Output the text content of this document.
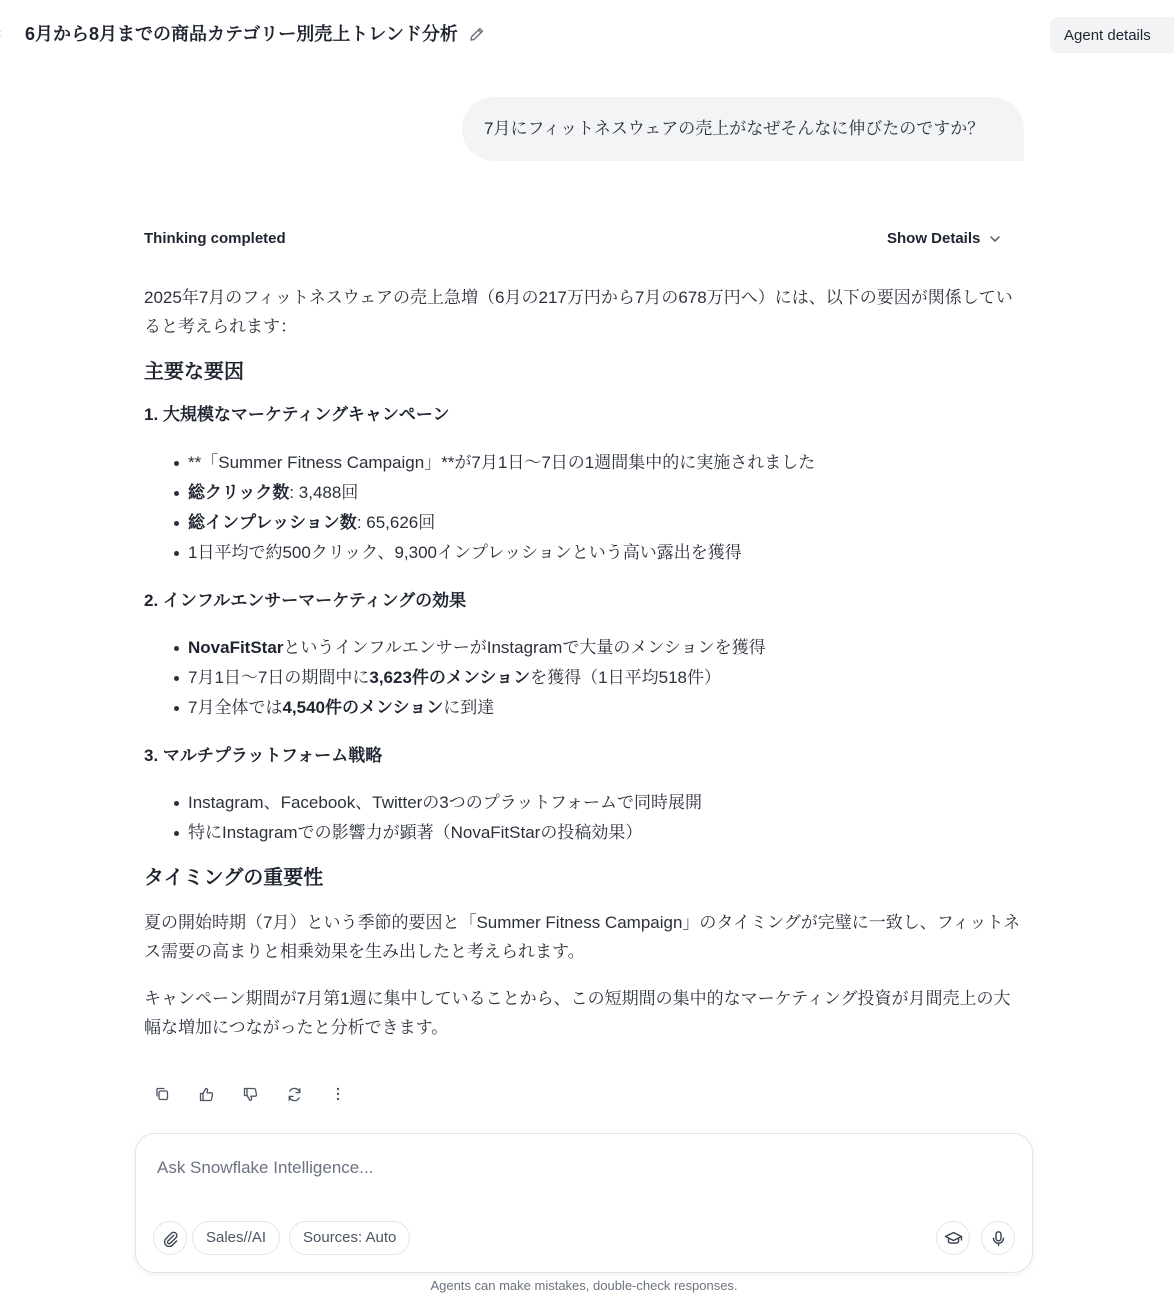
6月から8月までの商品カテゴリー別売上トレンド分析	Agent details
7月にフィットネスウェアの売上がなぜそんなに伸びたのですか？
Thinking completed	Show Details

2025年7月のフィットネスウェアの売上急増（6月の217万円から7月の678万円へ）には、以下の要因が関係していると考えられます：

主要な要因
1. 大規模なマーケティングキャンペーン
**「Summer Fitness Campaign」**が7月1日〜7日の1週間集中的に実施されました
総クリック数: 3,488回
総インプレッション数: 65,626回
1日平均で約500クリック、9,300インプレッションという高い露出を獲得
2. インフルエンサーマーケティングの効果
NovaFitStarというインフルエンサーがInstagramで大量のメンションを獲得
7月1日〜7日の期間中に3,623件のメンションを獲得（1日平均518件）
7月全体では4,540件のメンションに到達
3. マルチプラットフォーム戦略
Instagram、Facebook、Twitterの3つのプラットフォームで同時展開
特にInstagramでの影響力が顕著（NovaFitStarの投稿効果）
タイミングの重要性

夏の開始時期（7月）という季節的要因と「Summer Fitness Campaign」のタイミングが完璧に一致し、フィットネス需要の高まりと相乗効果を生み出したと考えられます。

キャンペーン期間が7月第1週に集中していることから、この短期間の集中的なマーケティング投資が月間売上の大幅な増加につながったと分析できます。

Ask Snowflake Intelligence...
Sales//AI	Sources: Auto
Agents can make mistakes, double-check responses.
